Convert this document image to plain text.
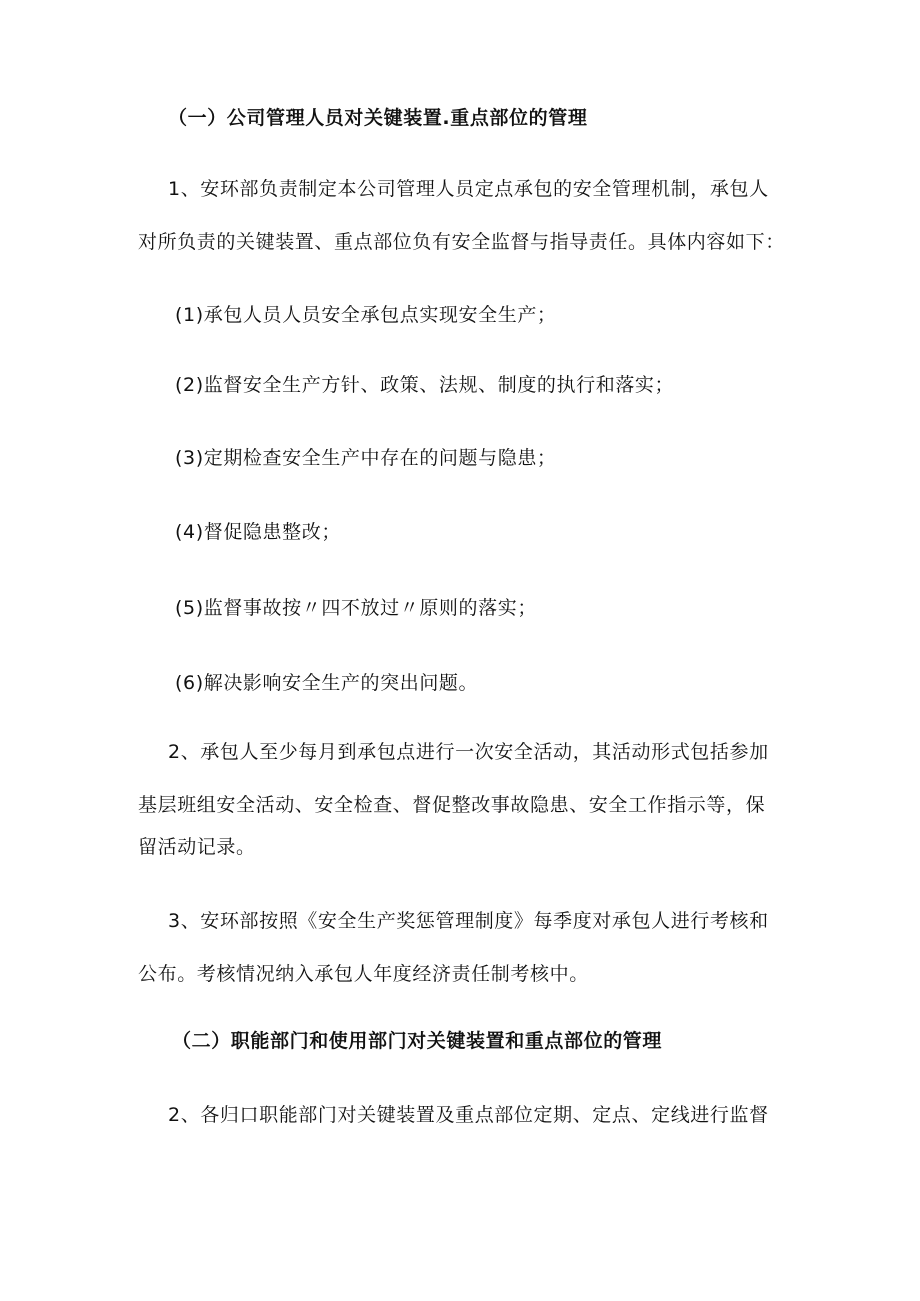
（一）公司管理人员对关键装置.重点部位的管理
1、安环部负责制定本公司管理人员定点承包的安全管理机制，承包人
对所负责的关键装置、重点部位负有安全监督与指导责任。具体内容如下：
(1)承包人员人员安全承包点实现安全生产；
(2)监督安全生产方针、政策、法规、制度的执行和落实；
(3)定期检查安全生产中存在的问题与隐患；
(4)督促隐患整改；
(5)监督事故按〃四不放过〃原则的落实；
(6)解决影响安全生产的突出问题。
2、承包人至少每月到承包点进行一次安全活动，其活动形式包括参加
基层班组安全活动、安全检查、督促整改事故隐患、安全工作指示等，保
留活动记录。
3、安环部按照《安全生产奖惩管理制度》每季度对承包人进行考核和
公布。考核情况纳入承包人年度经济责任制考核中。
（二）职能部门和使用部门对关键装置和重点部位的管理
2、各归口职能部门对关键装置及重点部位定期、定点、定线进行监督
